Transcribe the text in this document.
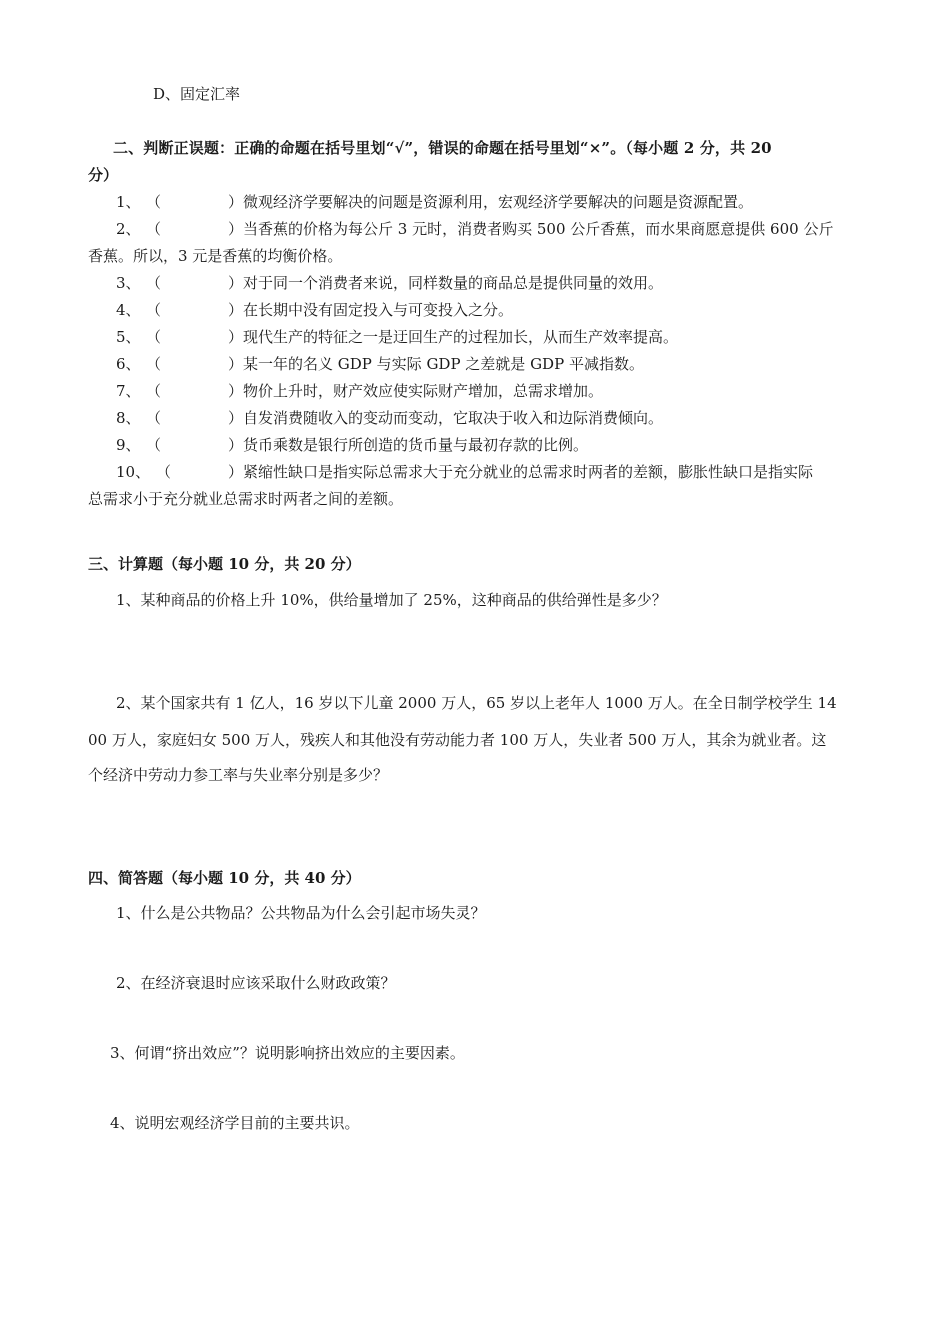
D、固定汇率
二、判断正误题：正确的命题在括号里划“√”，错误的命题在括号里划“×”。（每小题 2 分，共 20
分）
1、 （	）微观经济学要解决的问题是资源利用，宏观经济学要解决的问题是资源配置。
2、 （	）当香蕉的价格为每公斤 3 元时，消费者购买 500 公斤香蕉，而水果商愿意提供 600 公斤
香蕉。所以，3 元是香蕉的均衡价格。
3、 （	）对于同一个消费者来说，同样数量的商品总是提供同量的效用。
4、 （	）在长期中没有固定投入与可变投入之分。
5、 （	）现代生产的特征之一是迂回生产的过程加长，从而生产效率提高。
6、 （	）某一年的名义 GDP 与实际 GDP 之差就是 GDP 平减指数。
7、 （	）物价上升时，财产效应使实际财产增加，总需求增加。
8、 （	）自发消费随收入的变动而变动，它取决于收入和边际消费倾向。
9、 （	）货币乘数是银行所创造的货币量与最初存款的比例。
10、 （	）紧缩性缺口是指实际总需求大于充分就业的总需求时两者的差额，膨胀性缺口是指实际
总需求小于充分就业总需求时两者之间的差额。
三、计算题（每小题 10 分，共 20 分）
1、某种商品的价格上升 10%，供给量增加了 25%，这种商品的供给弹性是多少？
2、某个国家共有 1 亿人，16 岁以下儿童 2000 万人，65 岁以上老年人 1000 万人。在全日制学校学生 14
00 万人，家庭妇女 500 万人，残疾人和其他没有劳动能力者 100 万人，失业者 500 万人，其余为就业者。这
个经济中劳动力参工率与失业率分别是多少？
四、简答题（每小题 10 分，共 40 分）
1、什么是公共物品？公共物品为什么会引起市场失灵？
2、在经济衰退时应该采取什么财政政策？
3、何谓“挤出效应”？说明影响挤出效应的主要因素。
4、说明宏观经济学目前的主要共识。
